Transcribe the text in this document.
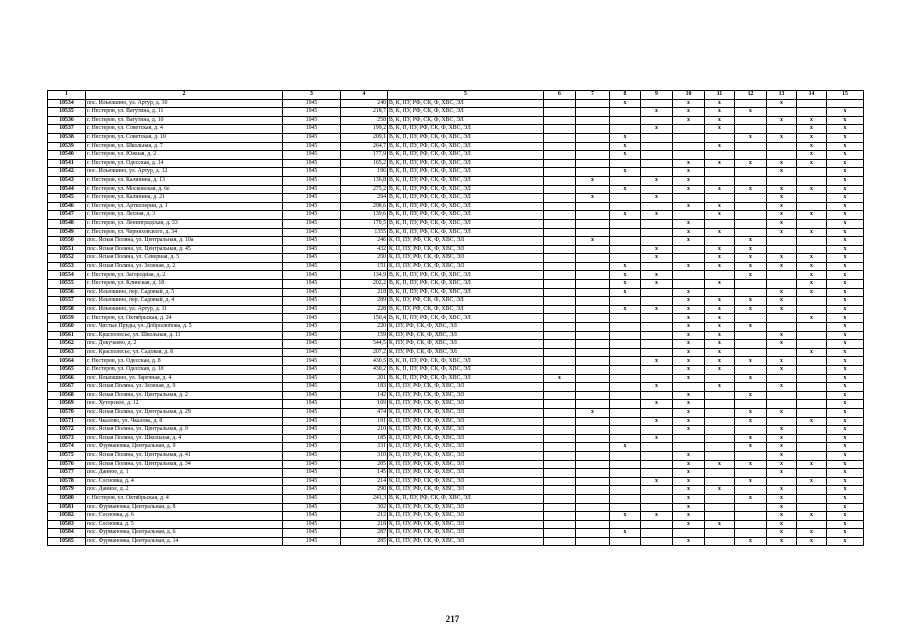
1	2	3	4	5	6	7	8	9	10	11	12	13	14	15
10534	пос. Ильюшино, ул. Артур, д. 10	1945	240	В, К, ПУ, РФ, СК, Ф, ХВС, ЭЛ			x		x	x		x		
10535	г. Нестеров, ул. Ватутина, д. 11	1945	218,7	В, К, ПУ, РФ, СК, Ф, ХВС, ЭЛ				x	x	x	x			x
10536	г. Нестеров, ул. Ватутина, д. 10	1945	258	В, К, ПУ, РФ, СК, Ф, ХВС, ЭЛ					x	x		x	x	x
10537	г. Нестеров, ул. Советская, д. 4	1945	199,2	В, К, П, ПУ, РФ, СК, Ф, ХВС, ЭЛ				x		x			x	x
10538	г. Нестеров, ул. Советская, д. 10	1945	209,1	В, К, П, ПУ, РФ, СК, Ф, ХВС, ЭЛ			x				x	x	x	x
10539	г. Нестеров, ул. Школьная, д. 7	1945	264,7	В, К, П, ПУ, РФ, СК, Ф, ХВС, ЭЛ			x			x			x	x
10540	г. Нестеров, ул. Южная, д. 2	1945	177,9	В, К, П, ПУ, РФ, СК, Ф, ХВС, ЭЛ			x						x	x
10541	г. Нестеров, ул. Одесская, д. 14	1945	165,2	В, К, П, ПУ, РФ, СК, Ф, ХВС, ЭЛ					x	x	x	x	x	x
10542	пос. Ильюшино, ул. Артур, д. 12	1945	196	В, К, П, ПУ, РФ, СК, Ф, ХВС, ЭЛ			x		x			x		x
10543	г. Нестеров, ул. Калинина, д. 13	1945	136,8	В, К, П, ПУ, РФ, СК, Ф, ХВС, ЭЛ		x		x	x					x
10544	г. Нестеров, ул. Московская, д. 6е	1945	275,2	В, К, П, ПУ, РФ, СК, Ф, ХВС, ЭЛ			x		x	x	x	x	x	x
10545	г. Нестеров, ул. Калинина, д. 21	1945	294	В, К, П, ПУ, РФ, СК, Ф, ХВС, ЭЛ		x		x				x		x
10546	г. Нестеров, ул. Артиллерии, д. 1	1945	298,6	В, К, П, ПУ, РФ, СК, Ф, ХВС, ЭЛ					x	x		x		x
10547	г. Нестеров, ул. Лесная, д. 3	1945	139,6	В, К, П, ПУ, РФ, СК, Ф, ХВС, ЭЛ			x	x		x		x	x	x
10548	г. Нестеров, ул. Ленинградская, д. 33	1945	170,5	В, К, П, ПУ, РФ, СК, Ф, ХВС, ЭЛ					x			x		x
10549	г. Нестеров, ул. Черняховского, д. 34	1945	1355	В, К, П, ПУ, РФ, СК, Ф, ХВС, ЭЛ					x	x		x	x	x
10550	пос. Ясная Поляна, ул. Центральная, д. 10а	1945	246	К, П, ПУ, РФ, СК, Ф, ХВС, ЭЛ		x			x		x			x
10551	пос. Ясная Поляна, ул. Центральная, д. 45	1945	432	К, П, ПУ, РФ, СК, Ф, ХВС, ЭЛ				x		x	x			x
10552	пос. Ясная Поляна, ул. Северная, д. 5	1945	250	К, П, ПУ, РФ, СК, Ф, ХВС, ЭЛ				x		x	x	x	x	x
10553	пос. Ясная Поляна, ул. Зеленая, д. 2	1945	151	К, П, ПУ, РФ, СК, Ф, ХВС, ЭЛ			x		x	x	x	x	x	x
10554	г. Нестеров, ул. Загородная, д. 2	1945	134,9	В, К, П, ПУ, РФ, СК, Ф, ХВС, ЭЛ			x	x			x		x	x
10555	г. Нестеров, ул. Клинская, д. 18	1945	202,2	В, К, П, ПУ, РФ, СК, Ф, ХВС, ЭЛ			x	x		x			x	x
10556	пос. Ильюшино, пер. Садовый, д. 5	1945	218	В, К, П, ПУ, РФ, СК, Ф, ХВС, ЭЛ			x		x			x	x	x
10557	пос. Ильюшино, пер. Садовый, д. 4	1945	289	В, К, ПУ, РФ, СК, Ф, ХВС, ЭЛ					x	x	x	x		x
10558	пос. Ильюшино, ул. Артур, д. 11	1945	228	В, К, ПУ, РФ, СК, Ф, ХВС, ЭЛ			x	x	x	x	x	x		x
10559	г. Нестеров, ул. Октябрьская, д. 24	1945	150,4	В, К, П, ПУ, РФ, СК, Ф, ХВС, ЭЛ					x	x			x	x
10560	пос. Чистые Пруды, ул. Добролюбова, д. 5	1945	220	К, ПУ, РФ, СК, Ф, ХВС, ЭЛ					x	x	x			x
10561	пос. Красполесье, ул. Школьная, д. 11	1945	159	К, ПУ, РФ, СК, Ф, ХВС, ЭЛ					x	x		x		x
10562	пос. Докучаево, д. 2	1945	544,5	К, ПУ, РФ, СК, Ф, ХВС, ЭЛ					x	x		x		x
10563	пос. Красполесье, ул. Садовая, д. 8	1945	207,2	К, ПУ, РФ, СК, Ф, ХВС, ЭЛ					x	x			x	x
10564	г. Нестеров, ул. Одесская, д. 8	1945	430,5	В, К, П, ПУ, РФ, СК, Ф, ХВС, ЭЛ				x	x	x	x	x		x
10565	г. Нестеров, ул. Одесская, д. 10	1945	430,2	В, К, П, ПУ, РФ, СК, Ф, ХВС, ЭЛ					x	x		x		x
10566	пос. Ильюшино, ул. Заречная, д. 4	1945	201	В, К, П, ПУ, РФ, СК, Ф, ХВС, ЭЛ	x				x		x			x
10567	пос. Ясная Поляна, ул. Зеленая, д. 9	1945	183	К, П, ПУ, РФ, СК, Ф, ХВС, ЭЛ				x		x		x		x
10568	пос. Ясная Поляна, ул. Центральная, д. 2	1945	142	К, П, ПУ, РФ, СК, Ф, ХВС, ЭЛ					x		x			x
10569	пос. Хуторское, д. 12	1945	169	К, П, ПУ, РФ, СК, Ф, ХВС, ЭЛ				x	x					x
10570	пос. Ясная Поляна, ул. Центральная, д. 29	1945	474	К, П, ПУ, РФ, СК, Ф, ХВС, ЭЛ		x			x		x	x		x
10571	пос. Чкалово, ул. Чкалова, д. 8	1945	191	К, П, ПУ, РФ, СК, Ф, ХВС, ЭЛ				x	x		x		x	x
10572	пос. Ясная Поляна, ул. Центральная, д. 9	1945	210	К, П, ПУ, РФ, СК, Ф, ХВС, ЭЛ					x			x		x
10573	пос. Ясная Поляна, ул. Школьная, д. 4	1945	185	К, П, ПУ, РФ, СК, Ф, ХВС, ЭЛ				x			x	x		x
10574	пос. Фурмановка, Центральная, д. 9	1945	331	К, П, ПУ, РФ, СК, Ф, ХВС, ЭЛ			x				x	x		x
10575	пос. Ясная Поляна, ул. Центральная, д. 41	1945	310	К, П, ПУ, РФ, СК, Ф, ХВС, ЭЛ					x			x		x
10576	пос. Ясная Поляна, ул. Центральная, д. 34	1945	205	К, П, ПУ, РФ, СК, Ф, ХВС, ЭЛ					x	x	x	x	x	x
10577	пос. Данное, д. 1	1945	145	К, П, ПУ, РФ, СК, Ф, ХВС, ЭЛ					x			x		x
10578	пос. Сосновка, д. 4	1945	214	К, П, ПУ, РФ, СК, Ф, ХВС, ЭЛ				x	x		x		x	x
10579	пос. Данное, д. 2	1945	290	К, П, ПУ, РФ, СК, Ф, ХВС, ЭЛ					x	x		x		x
10580	г. Нестеров, ул. Октябрьская, д. 4	1945	241,3	В, К, П, ПУ, РФ, СК, Ф, ХВС, ЭЛ					x		x	x		x
10581	пос. Фурмановка, Центральная, д. 8	1945	302	К, П, ПУ, РФ, СК, Ф, ХВС, ЭЛ					x			x		x
10582	пос. Сосновка, д. 6	1945	212	К, П, ПУ, РФ, СК, Ф, ХВС, ЭЛ			x	x	x			x	x	x
10583	пос. Сосновка, д. 5	1945	218	К, П, ПУ, РФ, СК, Ф, ХВС, ЭЛ					x	x		x		x
10584	пос. Фурмановка, Центральная, д. 6	1945	287	К, П, ПУ, РФ, СК, Ф, ХВС, ЭЛ			x					x	x	x
10585	пос. Фурмановка, Центральная, д. 14	1945	285	К, П, ПУ, РФ, СК, Ф, ХВС, ЭЛ					x		x	x	x	x
217
